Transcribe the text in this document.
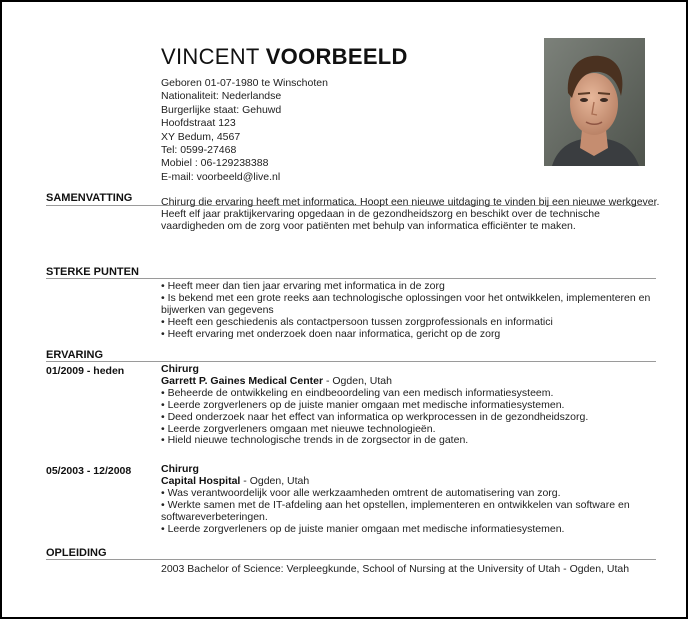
VINCENT VOORBEELD
Geboren 01-07-1980 te Winschoten
Nationaliteit: Nederlandse
Burgerlijke staat: Gehuwd
Hoofdstraat 123
XY Bedum, 4567
Tel: 0599-27468
Mobiel : 06-129238388
E-mail: voorbeeld@live.nl
SAMENVATTING	Chirurg die ervaring heeft met informatica. Hoopt een nieuwe uitdaging te vinden bij een nieuwe werkgever. Heeft elf jaar praktijkervaring opgedaan in de gezondheidszorg en beschikt over de technische vaardigheden om de zorg voor patiënten met behulp van informatica efficiënter te maken.
STERKE PUNTEN
• Heeft meer dan tien jaar ervaring met informatica in de zorg
• Is bekend met een grote reeks aan technologische oplossingen voor het ontwikkelen, implementeren en bijwerken van gegevens
• Heeft een geschiedenis als contactpersoon tussen zorgprofessionals en informatici
• Heeft ervaring met onderzoek doen naar informatica, gericht op de zorg
ERVARING
01/2009 - heden	Chirurg
Garrett P. Gaines Medical Center - Ogden, Utah
• Beheerde de ontwikkeling en eindbeoordeling van een medisch informatiesysteem.
• Leerde zorgverleners op de juiste manier omgaan met medische informatiesystemen.
• Deed onderzoek naar het effect van informatica op werkprocessen in de gezondheidszorg.
• Leerde zorgverleners omgaan met nieuwe technologieën.
• Hield nieuwe technologische trends in de zorgsector in de gaten.
05/2003 - 12/2008	Chirurg
Capital Hospital - Ogden, Utah
• Was verantwoordelijk voor alle werkzaamheden omtrent de automatisering van zorg.
• Werkte samen met de IT-afdeling aan het opstellen, implementeren en ontwikkelen van software en softwareverbeteringen.
• Leerde zorgverleners op de juiste manier omgaan met medische informatiesystemen.
OPLEIDING
2003 Bachelor of Science: Verpleegkunde, School of Nursing at the University of Utah - Ogden, Utah
